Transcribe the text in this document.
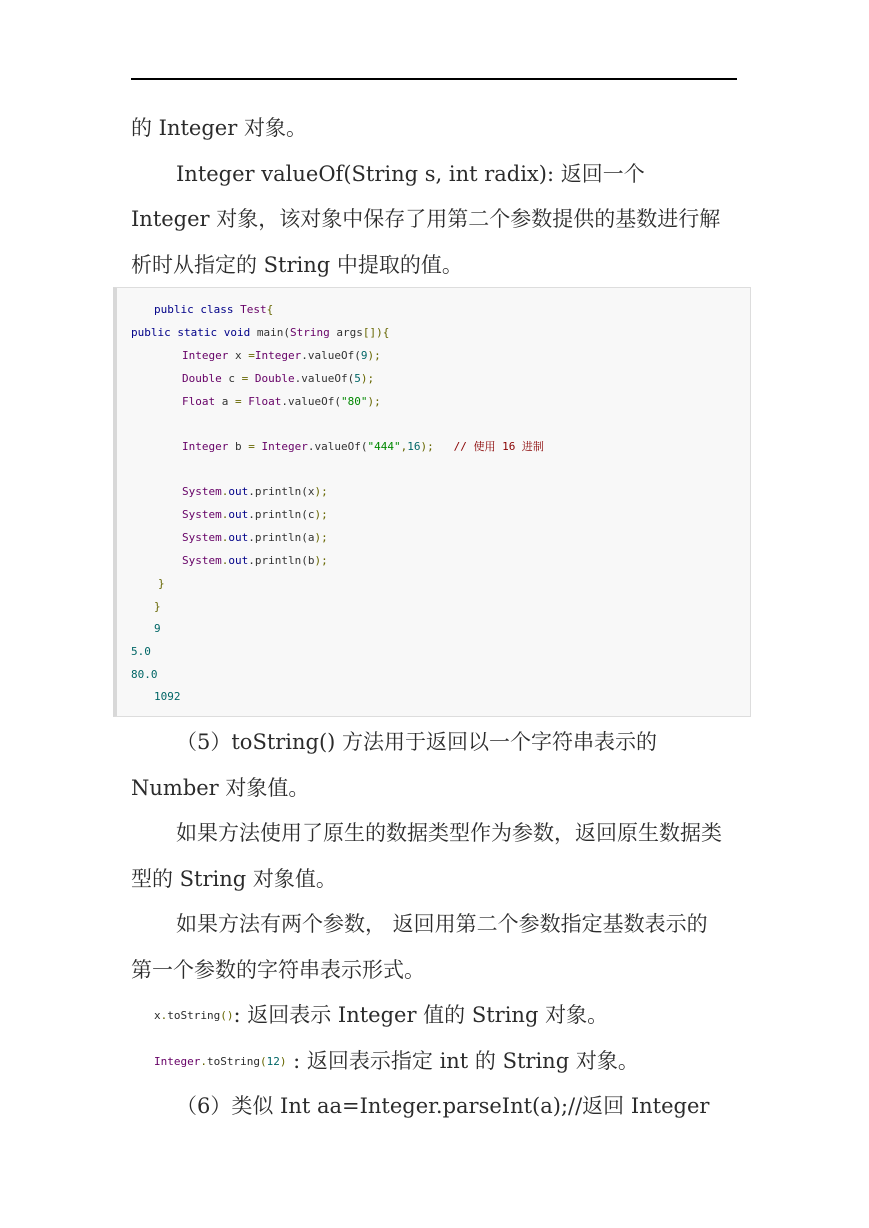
的 Integer 对象。
Integer valueOf(String s, int radix): 返回一个
Integer 对象，该对象中保存了用第二个参数提供的基数进行解
析时从指定的 String 中提取的值。
public class Test{
public static void main(String args[]){
Integer x =Integer.valueOf(9);
Double c = Double.valueOf(5);
Float a = Float.valueOf("80");
Integer b = Integer.valueOf("444",16); // 使用 16 进制
System.out.println(x);
System.out.println(c);
System.out.println(a);
System.out.println(b);
}
}
9
5.0
80.0
1092
（5）toString() 方法用于返回以一个字符串表示的
Number 对象值。
如果方法使用了原生的数据类型作为参数，返回原生数据类
型的 String 对象值。
如果方法有两个参数， 返回用第二个参数指定基数表示的
第一个参数的字符串表示形式。
x.toString(): 返回表示 Integer 值的 String 对象。
Integer.toString(12) : 返回表示指定 int 的 String 对象。
（6）类似 Int aa=Integer.parseInt(a);//返回 Integer
